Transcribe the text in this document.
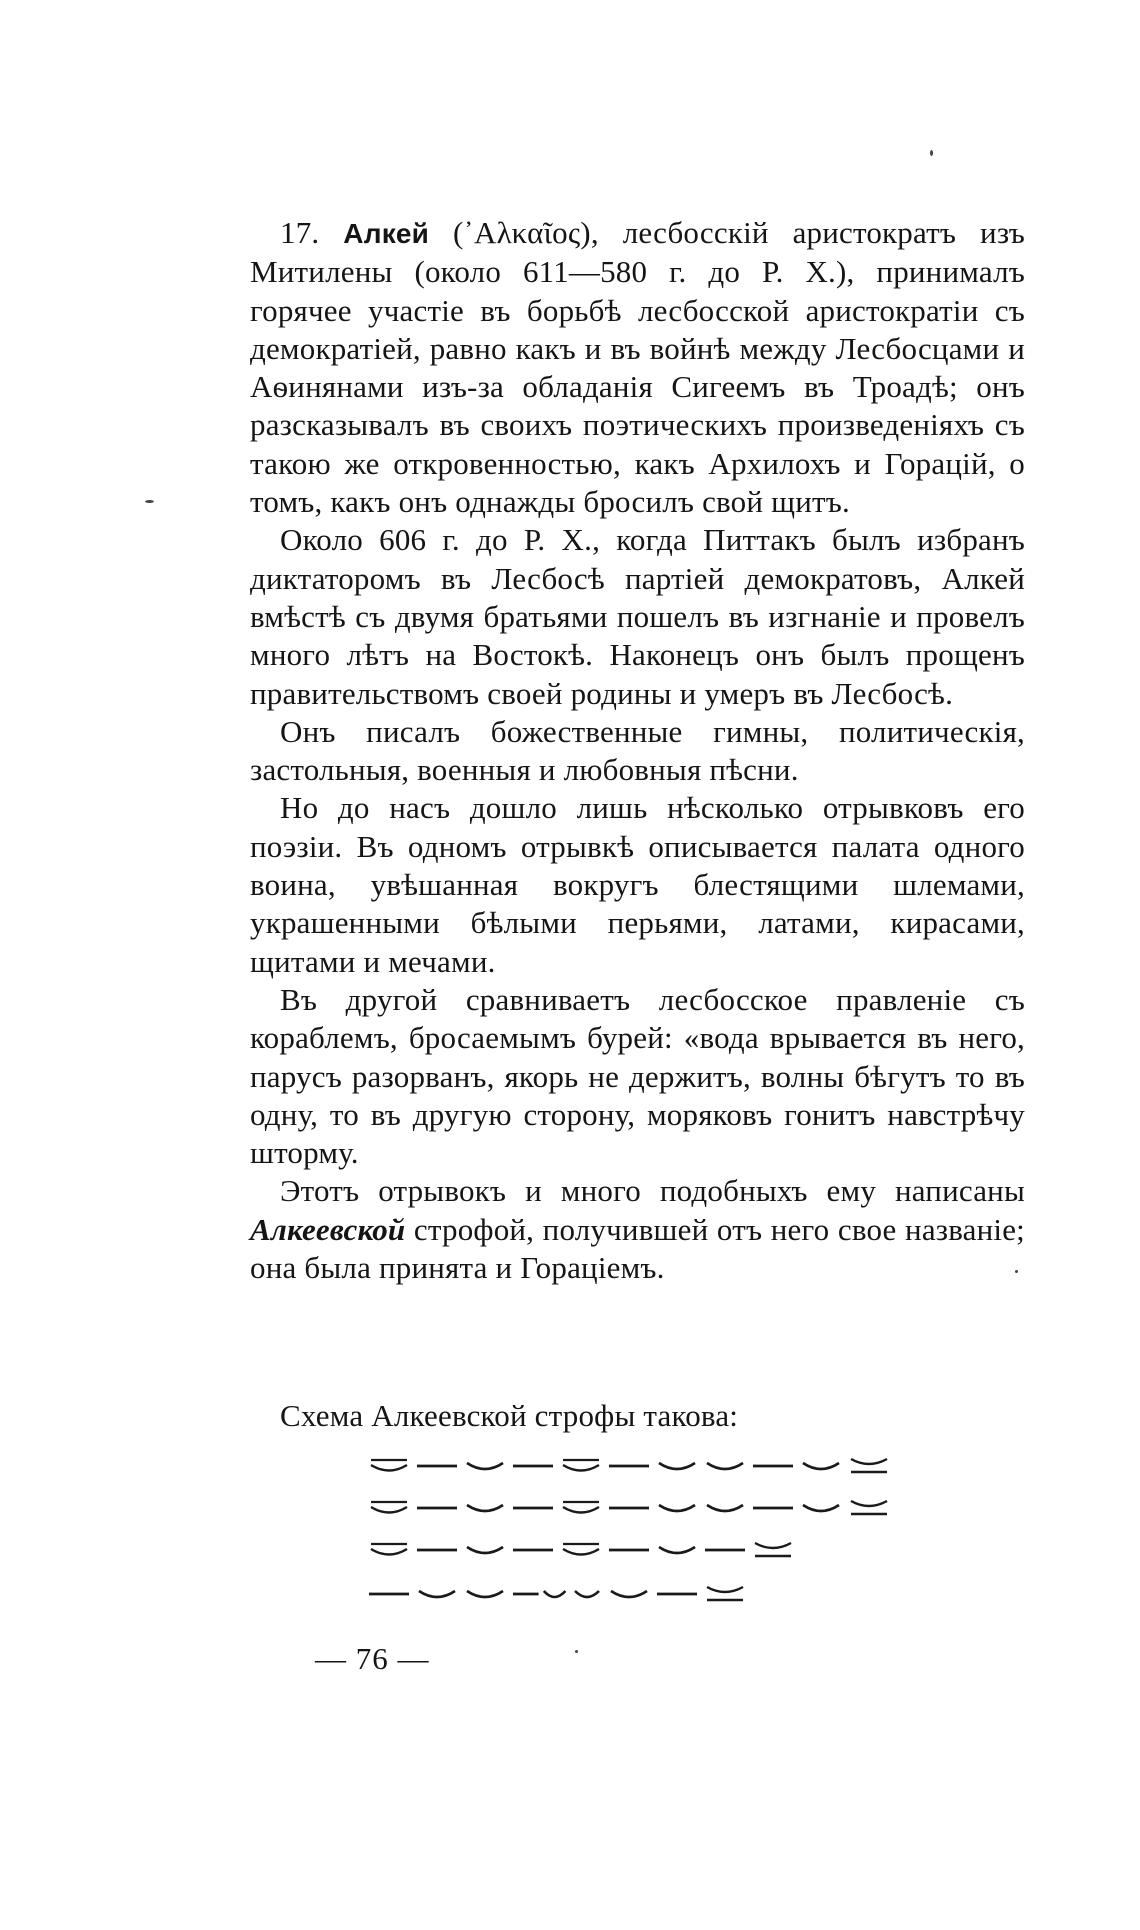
17. Алкей (᾽Αλκαῖος), лесбосскій аристократъ изъ Митилены (около 611—580 г. до Р. Х.), принималъ горячее участіе въ борьбѣ лесбосской аристократіи съ демократіей, равно какъ и въ войнѣ между Лесбосцами и Аѳинянами изъ-за обладанія Сигеемъ въ Троадѣ; онъ разсказывалъ въ своихъ поэтическихъ произведеніяхъ съ такою же откровенностью, какъ Архилохъ и Горацій, о томъ, какъ онъ однажды бросилъ свой щитъ.

Около 606 г. до Р. Х., когда Питтакъ былъ избранъ диктаторомъ въ Лесбосѣ партіей демократовъ, Алкей вмѣстѣ съ двумя братьями пошелъ въ изгнаніе и провелъ много лѣтъ на Востокѣ. Наконецъ онъ былъ прощенъ правительствомъ своей родины и умеръ въ Лесбосѣ.

Онъ писалъ божественные гимны, политическія, застольныя, военныя и любовныя пѣсни.

Но до насъ дошло лишь нѣсколько отрывковъ его поэзіи. Въ одномъ отрывкѣ описывается палата одного воина, увѣшанная вокругъ блестящими шлемами, украшенными бѣлыми перьями, латами, кирасами, щитами и мечами.

Въ другой сравниваетъ лесбосское правленіе съ кораблемъ, бросаемымъ бурей: «вода врывается въ него, парусъ разорванъ, якорь не держитъ, волны бѣгутъ то въ одну, то въ другую сторону, моряковъ гонитъ навстрѣчу шторму.

Этотъ отрывокъ и много подобныхъ ему написаны Алкеевской строфой, получившей отъ него свое названіе; она была принята и Гораціемъ.

Схема Алкеевской строфы такова:
— 76 —
